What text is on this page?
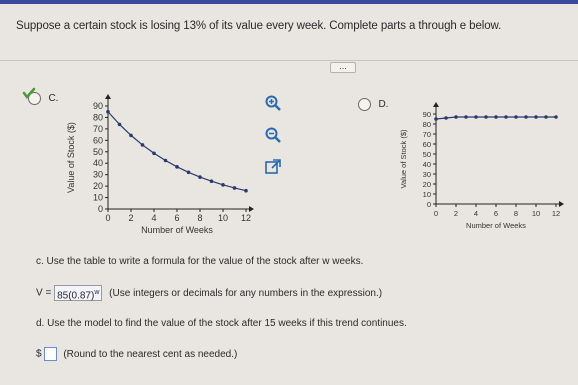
Suppose a certain stock is losing 13% of its value every week. Complete parts a through e below.
...

C.
D.
0 2 4 6 8 10 12
0
10
20
30
40
50
60
70
80
90
Number of Weeks
Value of Stock ($)
0 2 4 6 8 10 12
0
10
20
30
40
50
60
70
80
90
Number of Weeks
Value of Stock ($)
c. Use the table to write a formula for the value of the stock after w weeks.
$V = 85(0.87)^w$ (Use integers or decimals for any numbers in the expression.)
d. Use the model to find the value of the stock after 15 weeks if this trend continues.
$ (Round to the nearest cent as needed.)
